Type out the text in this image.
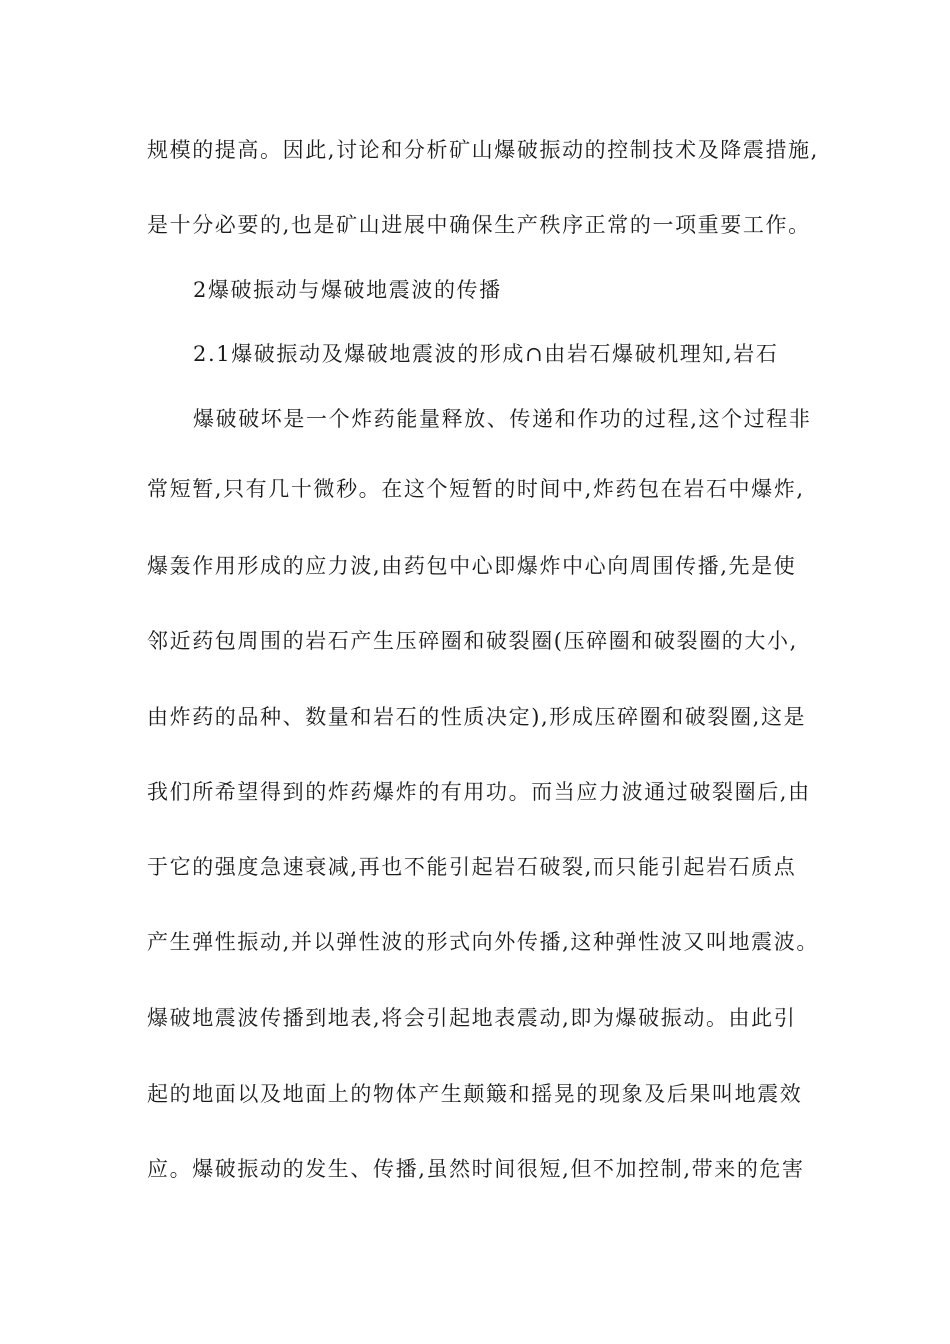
规模的提高。因此,讨论和分析矿山爆破振动的控制技术及降震措施,
是十分必要的,也是矿山进展中确保生产秩序正常的一项重要工作。
2爆破振动与爆破地震波的传播
2.1爆破振动及爆破地震波的形成∩由岩石爆破机理知,岩石
爆破破坏是一个炸药能量释放、传递和作功的过程,这个过程非
常短暂,只有几十微秒。在这个短暂的时间中,炸药包在岩石中爆炸,
爆轰作用形成的应力波,由药包中心即爆炸中心向周围传播,先是使
邻近药包周围的岩石产生压碎圈和破裂圈(压碎圈和破裂圈的大小,
由炸药的品种、数量和岩石的性质决定),形成压碎圈和破裂圈,这是
我们所希望得到的炸药爆炸的有用功。而当应力波通过破裂圈后,由
于它的强度急速衰减,再也不能引起岩石破裂,而只能引起岩石质点
产生弹性振动,并以弹性波的形式向外传播,这种弹性波又叫地震波。
爆破地震波传播到地表,将会引起地表震动,即为爆破振动。由此引
起的地面以及地面上的物体产生颠簸和摇晃的现象及后果叫地震效
应。爆破振动的发生、传播,虽然时间很短,但不加控制,带来的危害
